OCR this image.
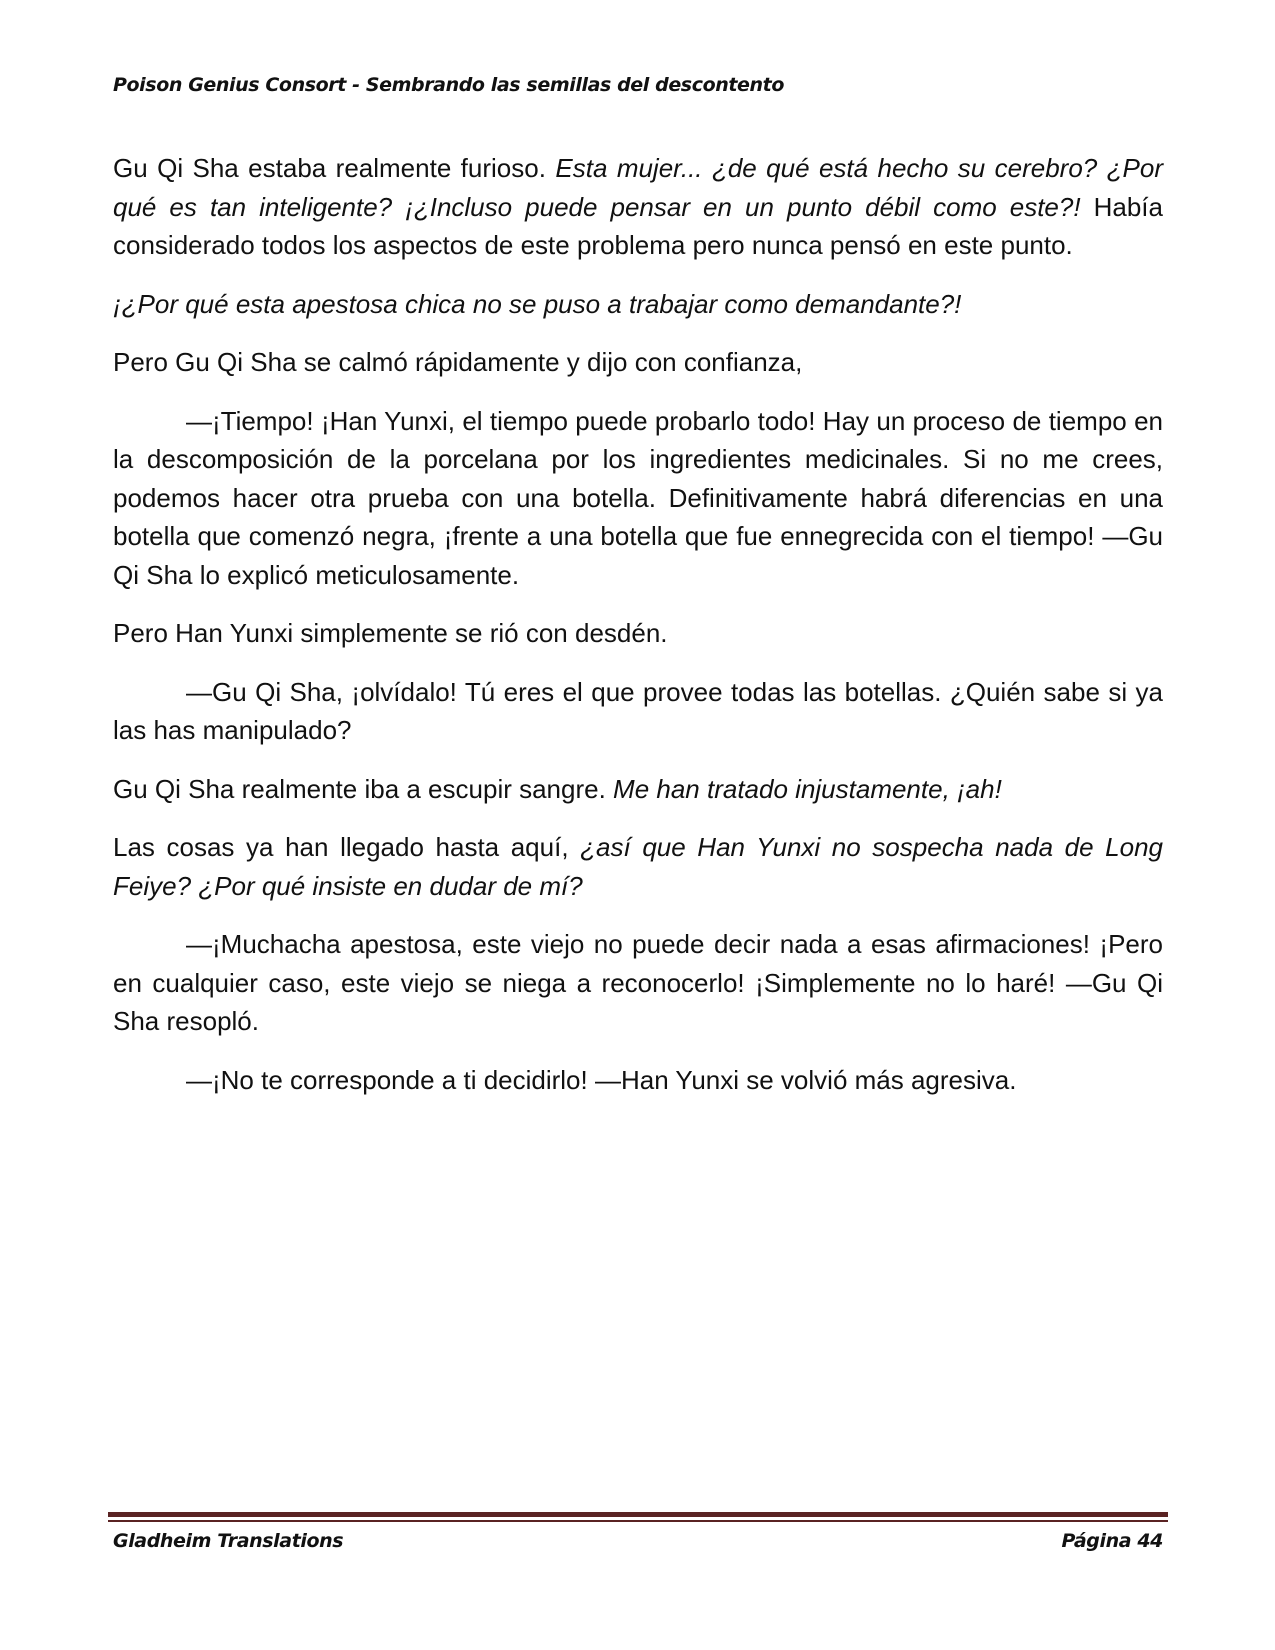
Poison Genius Consort - Sembrando las semillas del descontento

Gu Qi Sha estaba realmente furioso. Esta mujer... ¿de qué está hecho su cerebro? ¿Por qué es tan inteligente? ¡¿Incluso puede pensar en un punto débil como este?! Había considerado todos los aspectos de este problema pero nunca pensó en este punto.

¡¿Por qué esta apestosa chica no se puso a trabajar como demandante?!

Pero Gu Qi Sha se calmó rápidamente y dijo con confianza,

—¡Tiempo! ¡Han Yunxi, el tiempo puede probarlo todo! Hay un proceso de tiempo en la descomposición de la porcelana por los ingredientes medicinales. Si no me crees, podemos hacer otra prueba con una botella. Definitivamente habrá diferencias en una botella que comenzó negra, ¡frente a una botella que fue ennegrecida con el tiempo! —Gu Qi Sha lo explicó meticulosamente.

Pero Han Yunxi simplemente se rió con desdén.

—Gu Qi Sha, ¡olvídalo! Tú eres el que provee todas las botellas. ¿Quién sabe si ya las has manipulado?

Gu Qi Sha realmente iba a escupir sangre. Me han tratado injustamente, ¡ah!

Las cosas ya han llegado hasta aquí, ¿así que Han Yunxi no sospecha nada de Long Feiye? ¿Por qué insiste en dudar de mí?

—¡Muchacha apestosa, este viejo no puede decir nada a esas afirmaciones! ¡Pero en cualquier caso, este viejo se niega a reconocerlo! ¡Simplemente no lo haré! —Gu Qi Sha resopló.

—¡No te corresponde a ti decidirlo! —Han Yunxi se volvió más agresiva.

Gladheim Translations	Página 44
